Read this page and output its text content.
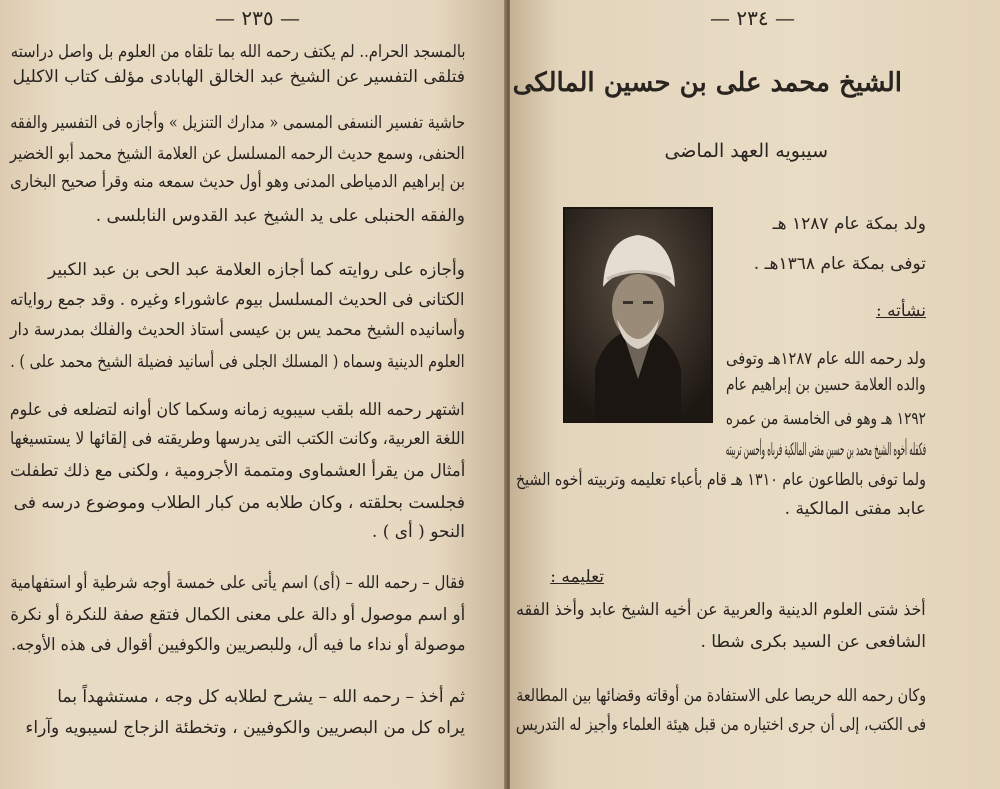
— ٢٣٥ —
بالمسجد الحرام.. لم يكتف رحمه الله بما تلقاه من العلوم بل واصل دراسته
فتلقى التفسير عن الشيخ عبد الخالق الهابادى مؤلف كتاب الاكليل
حاشية تفسير النسفى المسمى « مدارك التنزيل » وأجازه فى التفسير والفقه
الحنفى، وسمع حديث الرحمه المسلسل عن العلامة الشيخ محمد أبو الخضير
بن إبراهيم الدمياطى المدنى وهو أول حديث سمعه منه وقرأ صحيح البخارى
والفقه الحنبلى على يد الشيخ عبد القدوس النابلسى .
وأجازه على روايته كما أجازه العلامة عبد الحى بن عبد الكبير
الكتانى فى الحديث المسلسل بيوم عاشوراء وغيره . وقد جمع رواياته
وأسانيده الشيخ محمد يس بن عيسى أستاذ الحديث والفلك بمدرسة دار
العلوم الدينية وسماه ( المسلك الجلى فى أسانيد فضيلة الشيخ محمد على ) .
اشتهر رحمه الله بلقب سيبويه زمانه وسكما كان أوانه لتضلعه فى علوم
اللغة العربية، وكانت الكتب التى يدرسها وطريقته فى إلقائها لا يستسيغها
أمثال من يقرأ العشماوى ومتممة الأجرومية ، ولكنى مع ذلك تطفلت
فجلست بحلقته ، وكان طلابه من كبار الطلاب وموضوع درسه فى
النحو ( أى ) .
فقال – رحمه الله – (أى) اسم يأتى على خمسة أوجه شرطية أو استفهامية
أو اسم موصول أو دالة على معنى الكمال فتقع صفة للنكرة أو نكرة
موصولة أو نداء ما فيه أل، وللبصريين والكوفيين أقوال فى هذه الأوجه.
ثم أخذ – رحمه الله – يشرح لطلابه كل وجه ، مستشهداً بما
يراه كل من البصريين والكوفيين ، وتخطئة الزجاج لسيبويه وآراء
— ٢٣٤ —
الشيخ محمد على بن حسين المالكى
سيبويه العهد الماضى
ولد بمكة عام ١٢٨٧ هـ
توفى بمكة عام ١٣٦٨هـ .
نشأته :
ولد رحمه الله عام ١٢٨٧هـ وتوفى
والده العلامة حسين بن إبراهيم عام
١٢٩٢ هـ وهو فى الخامسة من عمره
فكفله أخوه الشيخ محمد بن حسين مفتى المالكية فرباه وأحسن تربيته
ولما توفى بالطاعون عام ١٣١٠ هـ قام بأعباء تعليمه وتربيته أخوه الشيخ
عابد مفتى المالكية .
تعليمه :
أخذ شتى العلوم الدينية والعربية عن أخيه الشيخ عابد وأخذ الفقه
الشافعى عن السيد بكرى شطا .
وكان رحمه الله حريصا على الاستفادة من أوقاته وقضائها بين المطالعة
فى الكتب، إلى أن جرى اختياره من قبل هيئة العلماء وأجيز له التدريس
